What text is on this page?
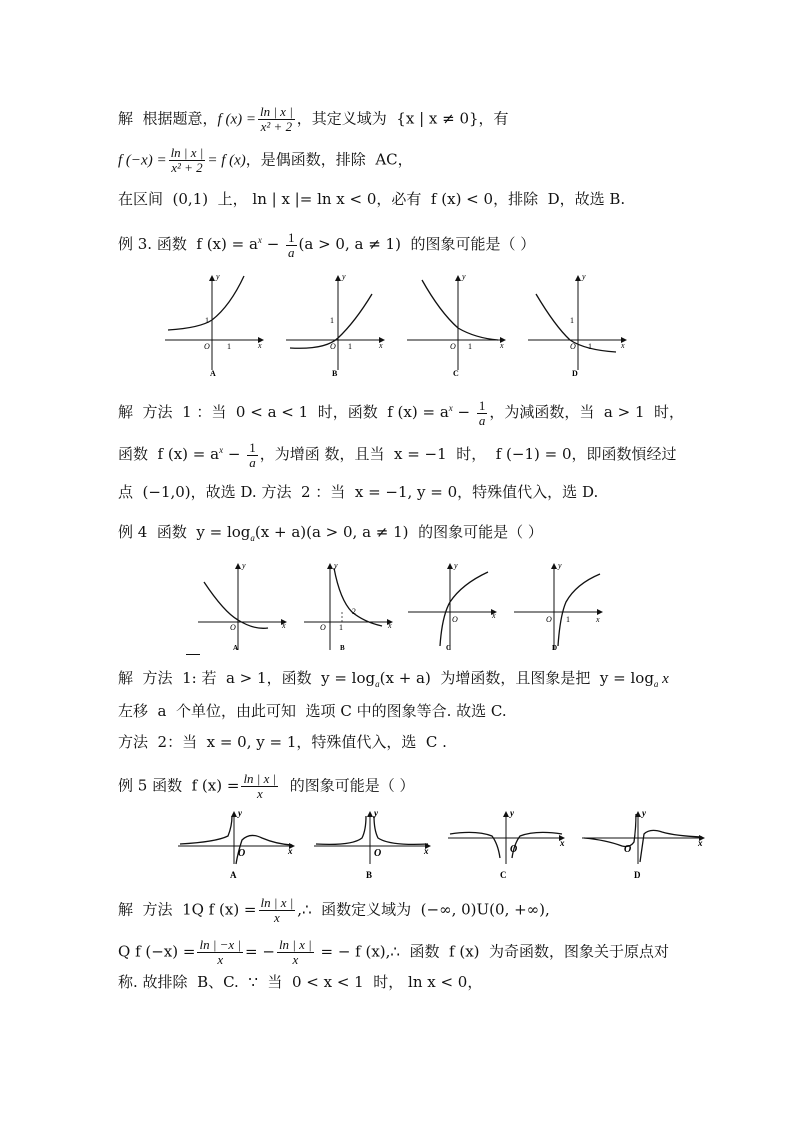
解  根据题意，f $(x) = \frac{\ln | x |}{\text{x² + 2}}$ ，其定义域为  {x | x ≠ 0}，有
f $(-x) = \frac{\ln | x |}{\text{x² + 2}} = f$ (x)，是偶函数，排除  AC，
在区间  (0,1)  上， ln | x |= ln x < 0，必有  f (x) < 0，排除  D，故选 B.
例 3. 函数  f $(x) = a^x - \frac{1}{a} (a > 0$, a ≠ 1)  的图象可能是（ ）
y
x
O
1
1
A
y
x
O
1
1
B
y
x
O 1
C
y
x
O
1
1
D
解  方法  1 ：当  0 < a < 1  时，函数  f $(x) = a^x - \frac{1}{a}$ ，为減函数，当  a > 1  时，
函数  f $(x) = a^x - \frac{1}{a}$ ，为增函 数，且当  x = −1  时，  f (−1) = 0，即函数㥧经过
点  (−1,0)，故选 D. 方法  2 ：当  x = −1, y = 0，特殊值代入，选 D.
例 4  函数  $y = \log_a(x + a)(a > 0$, a ≠ 1)  的图象可能是（ ）
y
x
O
A
y
x
O 1
2
B
y
x
O
C
y
x
O 1
D
解  方法  1: 若  a > 1，函数  $y = \log_a(x + a)$  为增函数，且图象是把  $y = \log_a x$
左移  a  个单位，由此可知  选项 C 中的图象等合. 故选 C.
方法  2：当  x = 0, y = 1，特殊值代入，选  C .
例 5 函数  f $(x) = \frac{\ln | x |}{x}$ 的图象可能是（ ）
y
x
O
A
y
x
O
B
y
x
O
C
y
x
O
D
解  方法  1Q f $(x) = \frac{\ln | x |}{x}$ ,∴  函数定义域为  (−∞, 0)U(0, +∞),
Q f $(-x) = \frac{\ln | -x |}{x}$ = − $\frac{\ln | x |}{x}$ = − f (x),∴  函数  f (x)  为奇函数，图象关于原点对
称. 故排除  B、C.  ∵  当  0 < x < 1  时， ln x < 0，
